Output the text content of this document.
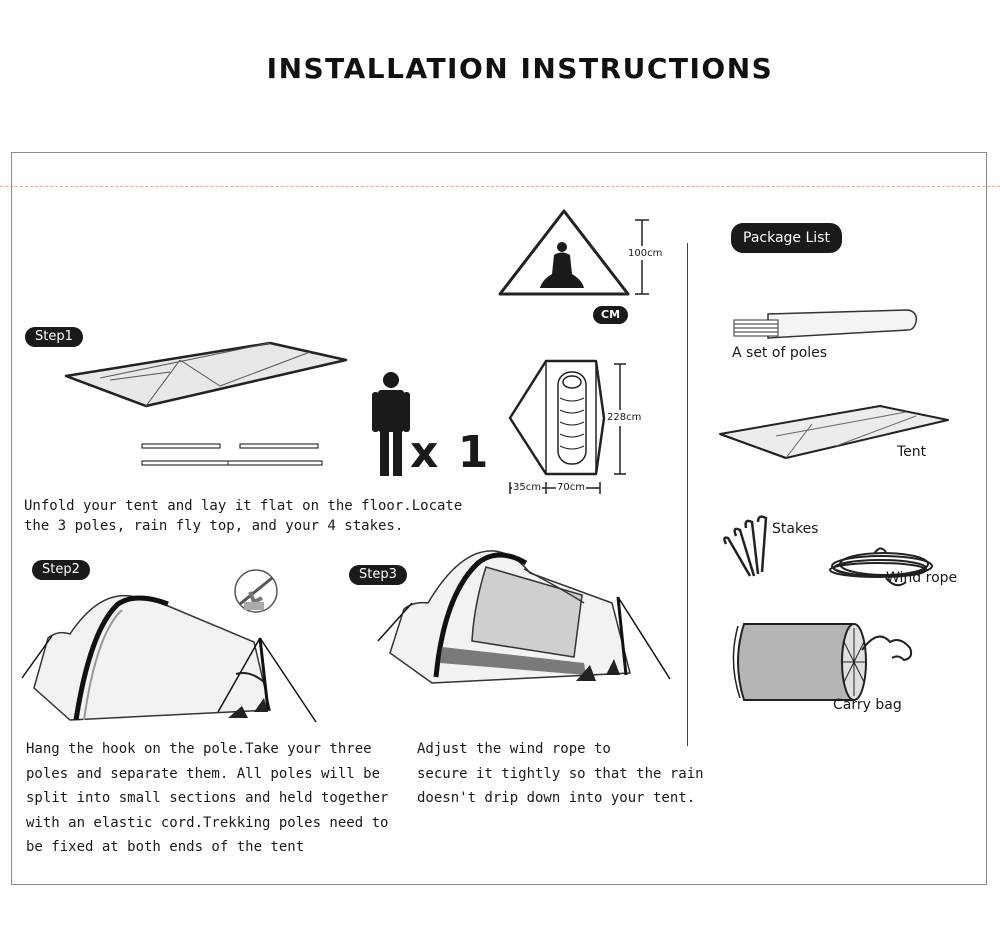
INSTALLATION INSTRUCTIONS
Step1
x 1
Unfold your tent and lay it flat on the floor.Locate
the 3 poles, rain fly top, and your 4 stakes.
100cm
CM
228cm
35cm 70cm
Step2
Hang the hook on the pole.Take your three
poles and separate them. All poles will be
split into small sections and held together
with an elastic cord.Trekking poles need to
be fixed at both ends of the tent
Step3
Adjust the wind rope to
secure it tightly so that the rain
doesn't drip down into your tent.
Package List
A set of poles
Tent
Stakes
Wind rope
Carry bag
